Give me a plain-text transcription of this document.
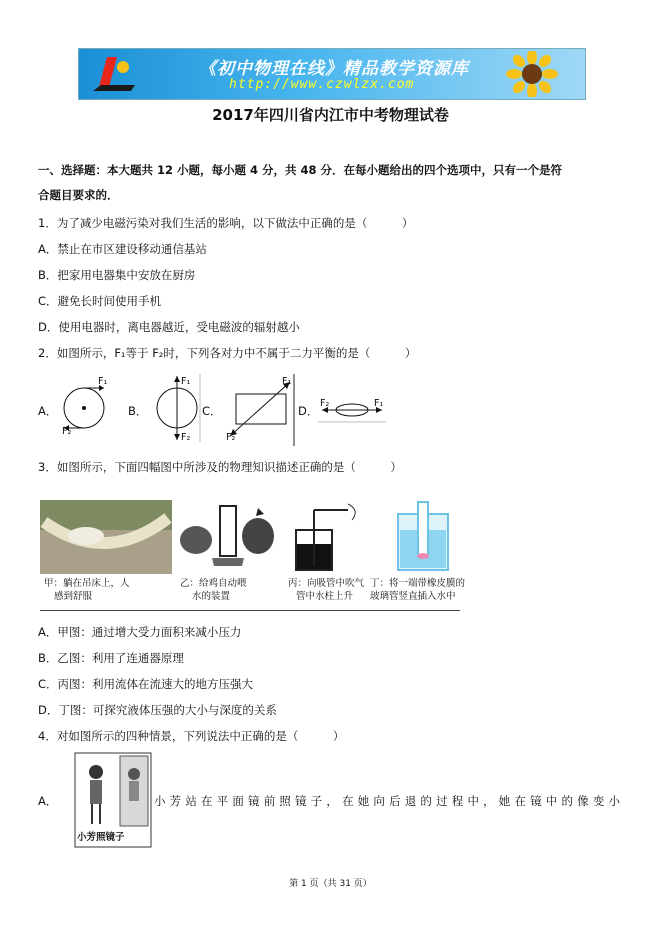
《初中物理在线》精品教学资源库
http://www.czwlzx.com
2017年四川省内江市中考物理试卷
一、选择题：本大题共 12 小题，每小题 4 分，共 48 分．在每小题给出的四个选项中，只有一个是符
合题目要求的．
1．为了减少电磁污染对我们生活的影响，以下做法中正确的是（　　　）
A．禁止在市区建设移动通信基站
B．把家用电器集中安放在厨房
C．避免长时间使用手机
D．使用电器时，离电器越近，受电磁波的辐射越小
2．如图所示，F₁等于 F₂时，下列各对力中不属于二力平衡的是（　　　）
A．
F₁
F₂
B．
F₁
F₂
C．
F₁
F₂
D．
F₂	F₁
3．如图所示，下面四幅图中所涉及的物理知识描述正确的是（　　　）
甲：躺在吊床上，人
感到舒服
乙：给鸡自动喂
水的装置
丙：向吸管中吹气
管中水柱上升
丁：将一端带橡皮膜的
玻璃管竖直插入水中
A．甲图：通过增大受力面积来减小压力
B．乙图：利用了连通器原理
C．丙图：利用流体在流速大的地方压强大
D．丁图：可探究液体压强的大小与深度的关系
4．对如图所示的四种情景，下列说法中正确的是（　　　）
A．
小芳照镜子
小芳站在平面镜前照镜子，在她向后退的过程中，她在镜中的像变小
第 1 页（共 31 页）
